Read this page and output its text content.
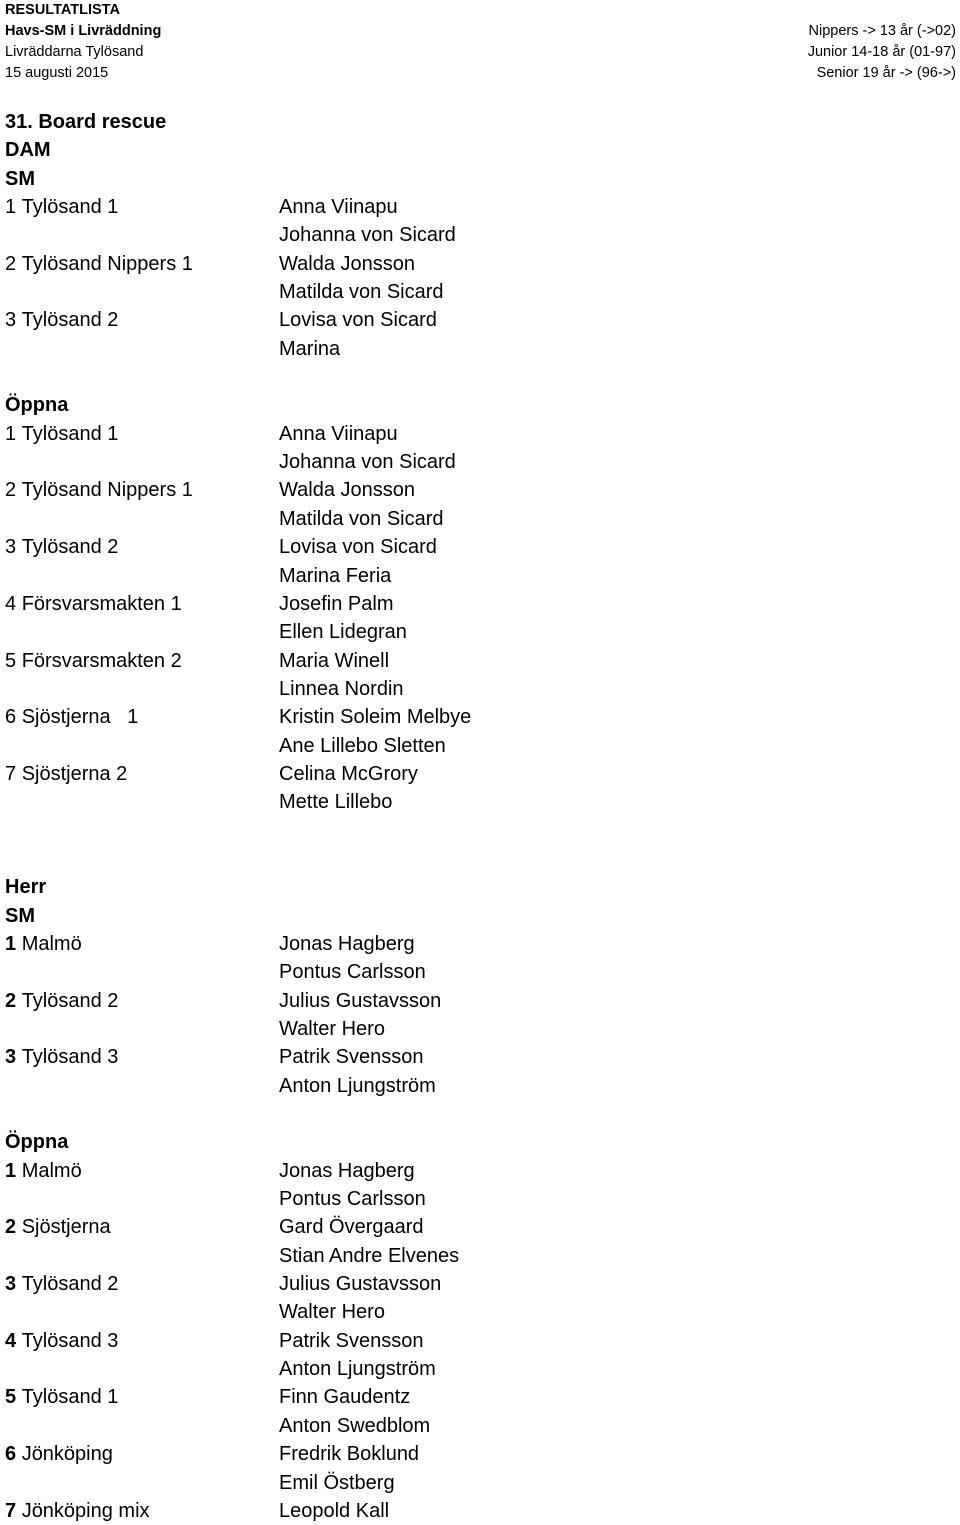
RESULTATLISTA
Havs-SM i Livräddning
Livräddarna Tylösand
15 augusti 2015
Nippers -> 13 år (->02)
Junior 14-18 år (01-97)
Senior 19 år -> (96->)
31. Board rescue
DAM
SM
1 Tylösand 1	Anna Viinapu
Johanna von Sicard
2 Tylösand Nippers 1	Walda Jonsson
Matilda von Sicard
3 Tylösand 2	Lovisa von Sicard
Marina
Öppna
1 Tylösand 1	Anna Viinapu
Johanna von Sicard
2 Tylösand Nippers 1	Walda Jonsson
Matilda von Sicard
3 Tylösand 2	Lovisa von Sicard
Marina Feria
4 Försvarsmakten 1	Josefin Palm
Ellen Lidegran
5 Försvarsmakten 2	Maria Winell
Linnea Nordin
6 Sjöstjerna   1	Kristin Soleim Melbye
Ane Lillebo Sletten
7 Sjöstjerna 2	Celina McGrory
Mette Lillebo
Herr
SM
1 Malmö	Jonas Hagberg
Pontus Carlsson
2 Tylösand 2	Julius Gustavsson
Walter Hero
3 Tylösand 3	Patrik Svensson
Anton Ljungström
Öppna
1 Malmö	Jonas Hagberg
Pontus Carlsson
2 Sjöstjerna	Gard Övergaard
Stian Andre Elvenes
3 Tylösand 2	Julius Gustavsson
Walter Hero
4 Tylösand 3	Patrik Svensson
Anton Ljungström
5 Tylösand 1	Finn Gaudentz
Anton Swedblom
6 Jönköping	Fredrik Boklund
Emil Östberg
7 Jönköping mix	Leopold Kall
